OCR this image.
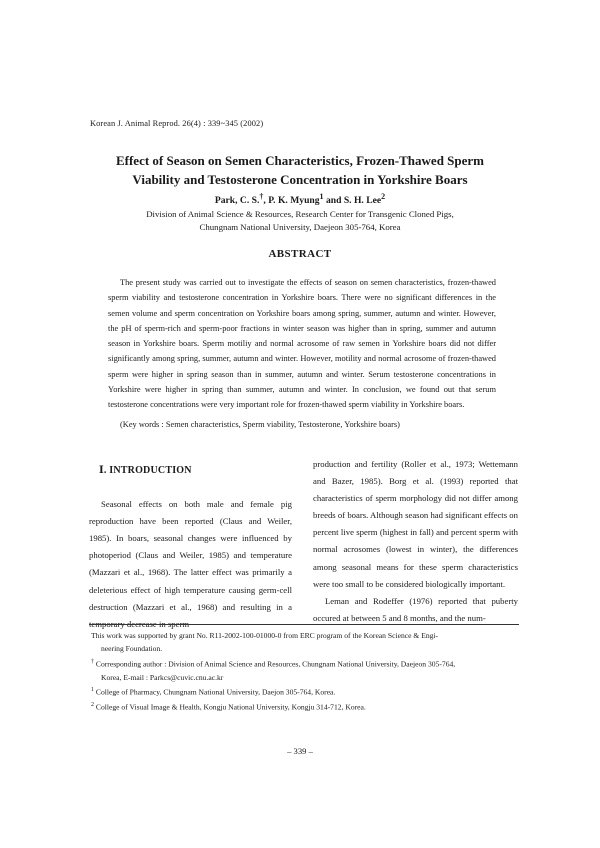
Korean J. Animal Reprod. 26(4) : 339~345 (2002)
Effect of Season on Semen Characteristics, Frozen-Thawed Sperm
Viability and Testosterone Concentration in Yorkshire Boars
Park, C. S.†, P. K. Myung$^1$ and S. H. Lee$^2$
Division of Animal Science & Resources, Research Center for Transgenic Cloned Pigs,
Chungnam National University, Daejeon 305-764, Korea
ABSTRACT

The present study was carried out to investigate the effects of season on semen characteristics, frozen-thawed sperm viability and testosterone concentration in Yorkshire boars. There were no significant differences in the semen volume and sperm concentration on Yorkshire boars among spring, summer, autumn and winter. However, the pH of sperm-rich and sperm-poor fractions in winter season was higher than in spring, summer and autumn season in Yorkshire boars. Sperm motiliy and normal acrosome of raw semen in Yorkshire boars did not differ significantly among spring, summer, autumn and winter. However, motility and normal acrosome of frozen-thawed sperm were higher in spring season than in summer, autumn and winter. Serum testosterone concentrations in Yorkshire were higher in spring than summer, autumn and winter. In conclusion, we found out that serum testosterone concentrations were very important role for frozen-thawed sperm viability in Yorkshire boars.

(Key words : Semen characteristics, Sperm viability, Testosterone, Yorkshire boars)
Ⅰ. INTRODUCTION

Seasonal effects on both male and female pig reproduction have been reported (Claus and Weiler, 1985). In boars, seasonal changes were influenced by photoperiod (Claus and Weiler, 1985) and temperature (Mazzari et al., 1968). The latter effect was primarily a deleterious effect of high temperature causing germ-cell destruction (Mazzari et al., 1968) and resulting in a temporary decrease in sperm

production and fertility (Roller et al., 1973; Wettemann and Bazer, 1985). Borg et al. (1993) reported that characteristics of sperm morphology did not differ among breeds of boars. Although season had significant effects on percent live sperm (highest in fall) and percent sperm with normal acrosomes (lowest in winter), the differences among seasonal means for these sperm characteristics were too small to be considered biologically important.

Leman and Rodeffer (1976) reported that puberty occured at between 5 and 8 months, and the num-

This work was supported by grant No. R11-2002-100-01000-0 from ERC program of the Korean Science & Engi-

neering Foundation.

† Corresponding author : Division of Animal Science and Resources, Chungnam National University, Daejeon 305-764,

Korea, E-mail : Parkcs@cuvic.cnu.ac.kr

$^1$ College of Pharmacy, Chungnam National University, Daejon 305-764, Korea.

$^2$ College of Visual Image & Health, Kongju National University, Kongju 314-712, Korea.

– 339 –
